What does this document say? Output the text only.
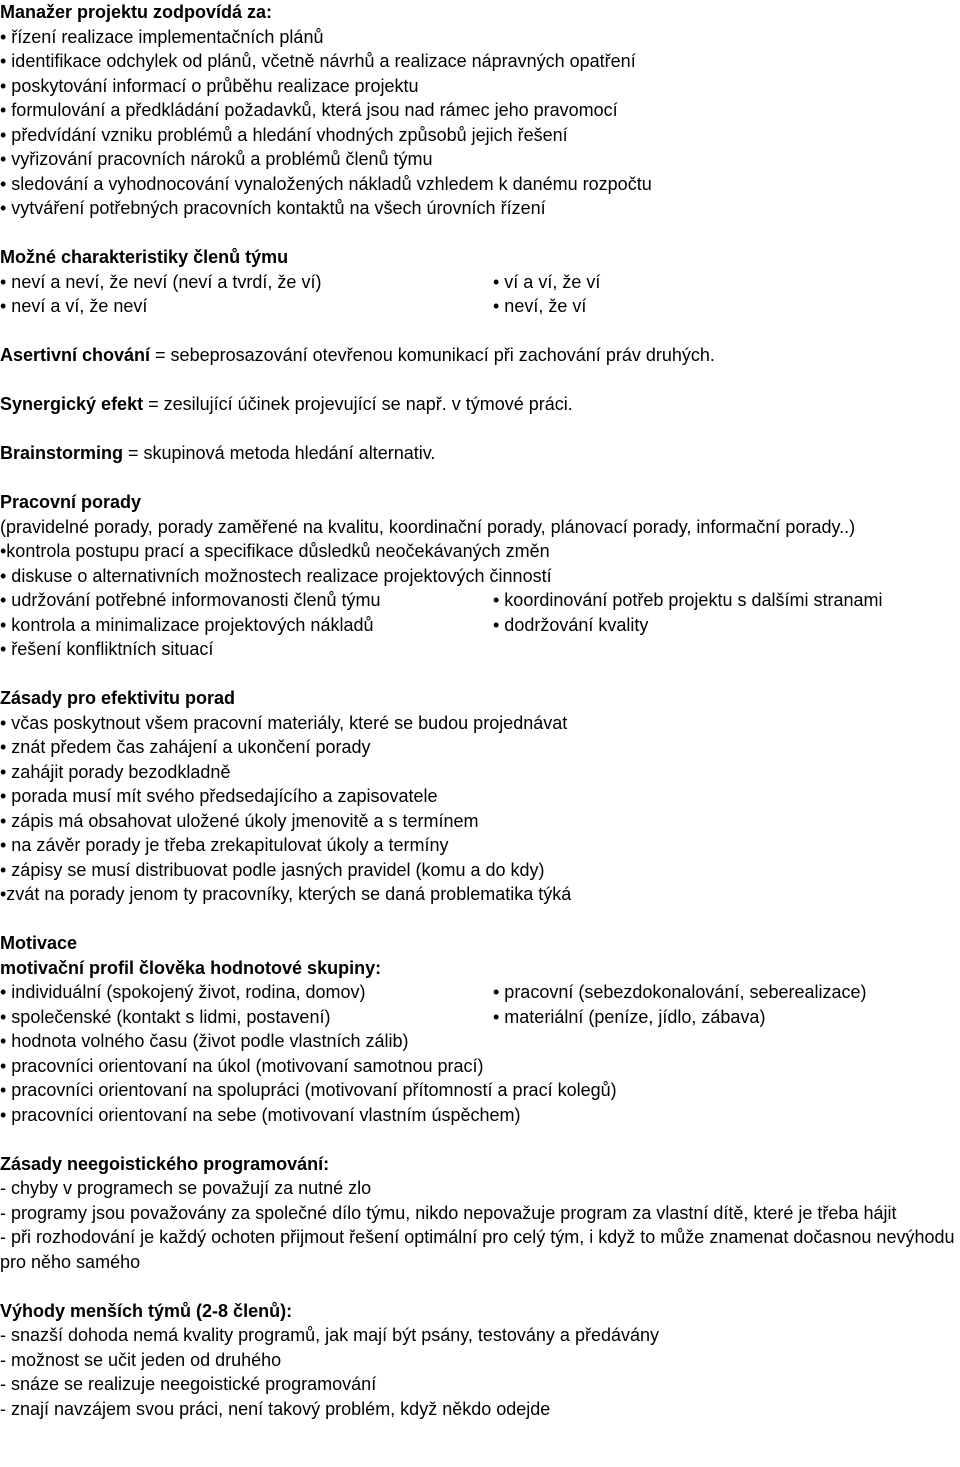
Manažer projektu zodpovídá za:

• řízení realizace implementačních plánů

• identifikace odchylek od plánů, včetně návrhů a realizace nápravných opatření

• poskytování informací o průběhu realizace projektu

• formulování a předkládání požadavků, která jsou nad rámec jeho pravomocí

• předvídání vzniku problémů a hledání vhodných způsobů jejich řešení

• vyřizování pracovních nároků a problémů členů týmu

• sledování a vyhodnocování vynaložených nákladů vzhledem k danému rozpočtu

• vytváření potřebných pracovních kontaktů na všech úrovních řízení

Možné charakteristiky členů týmu

• neví a neví, že neví (neví a tvrdí, že ví)	• ví a ví, že ví
• neví a ví, že neví	• neví, že ví

Asertivní chování = sebeprosazování otevřenou komunikací při zachování práv druhých.

Synergický efekt = zesilující účinek projevující se např. v týmové práci.

Brainstorming = skupinová metoda hledání alternativ.

Pracovní porady

(pravidelné porady, porady zaměřené na kvalitu, koordinační porady, plánovací porady, informační porady..)

•kontrola postupu prací a specifikace důsledků neočekávaných změn

• diskuse o alternativních možnostech realizace projektových činností

• udržování potřebné informovanosti členů týmu	• koordinování potřeb projektu s dalšími stranami
• kontrola a minimalizace projektových nákladů	• dodržování kvality

• řešení konfliktních situací

Zásady pro efektivitu porad

• včas poskytnout všem pracovní materiály, které se budou projednávat

• znát předem čas zahájení a ukončení porady

• zahájit porady bezodkladně

• porada musí mít svého předsedajícího a zapisovatele

• zápis má obsahovat uložené úkoly jmenovitě a s termínem

• na závěr porady je třeba zrekapitulovat úkoly a termíny

• zápisy se musí distribuovat podle jasných pravidel (komu a do kdy)

•zvát na porady jenom ty pracovníky, kterých se daná problematika týká

Motivace

motivační profil člověka hodnotové skupiny:

• individuální (spokojený život, rodina, domov)	• pracovní (sebezdokonalování, seberealizace)
• společenské (kontakt s lidmi, postavení)	• materiální (peníze, jídlo, zábava)

• hodnota volného času (život podle vlastních zálib)

• pracovníci orientovaní na úkol (motivovaní samotnou prací)

• pracovníci orientovaní na spolupráci (motivovaní přítomností a prací kolegů)

• pracovníci orientovaní na sebe (motivovaní vlastním úspěchem)

Zásady neegoistického programování:

- chyby v programech se považují za nutné zlo

- programy jsou považovány za společné dílo týmu, nikdo nepovažuje program za vlastní dítě, které je třeba hájit

- při rozhodování je každý ochoten přijmout řešení optimální pro celý tým, i když to může znamenat dočasnou nevýhodu pro něho samého

Výhody menších týmů (2-8 členů):

- snazší dohoda nemá kvality programů, jak mají být psány, testovány a předávány

- možnost se učit jeden od druhého

- snáze se realizuje neegoistické programování

- znají navzájem svou práci, není takový problém, když někdo odejde
